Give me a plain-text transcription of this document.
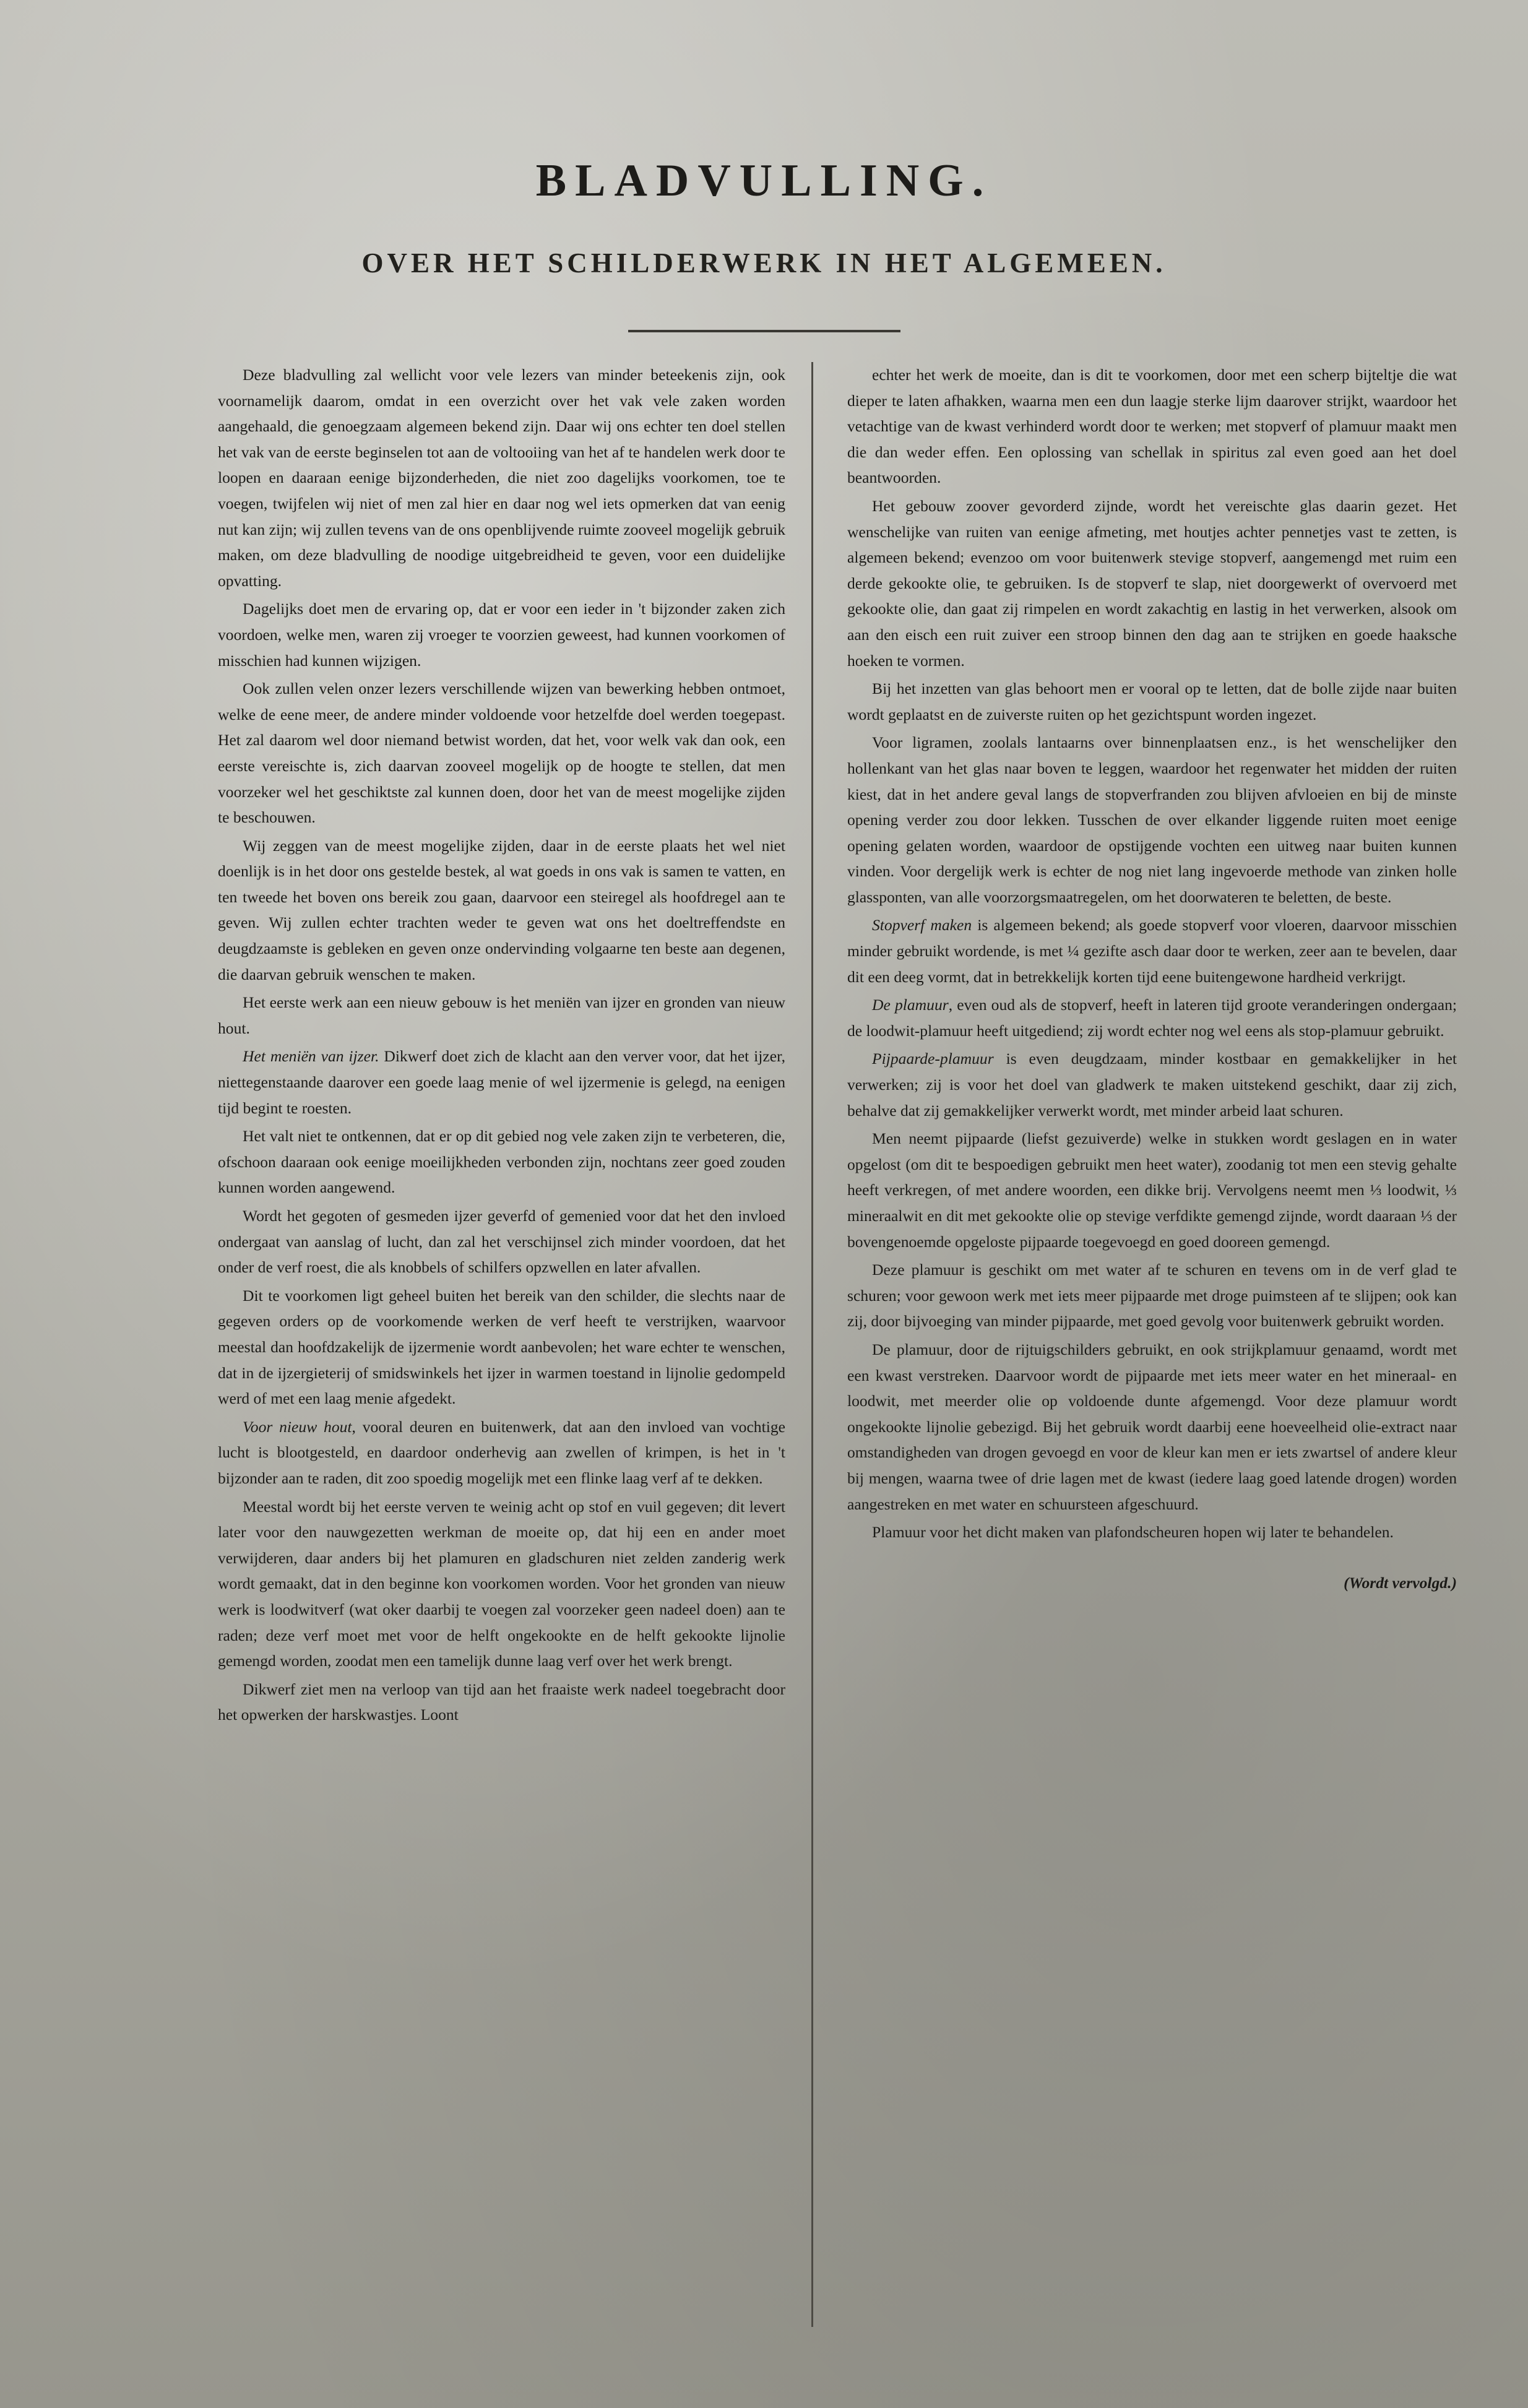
BLADVULLING.
OVER HET SCHILDERWERK IN HET ALGEMEEN.

Deze bladvulling zal wellicht voor vele lezers van minder beteekenis zijn, ook voornamelijk daarom, omdat in een overzicht over het vak vele zaken worden aangehaald, die genoegzaam algemeen bekend zijn. Daar wij ons echter ten doel stellen het vak van de eerste beginselen tot aan de voltooiing van het af te handelen werk door te loopen en daaraan eenige bijzonderheden, die niet zoo dagelijks voorkomen, toe te voegen, twijfelen wij niet of men zal hier en daar nog wel iets opmerken dat van eenig nut kan zijn; wij zullen tevens van de ons openblijvende ruimte zooveel mogelijk gebruik maken, om deze bladvulling de noodige uitgebreidheid te geven, voor een duidelijke opvatting.

Dagelijks doet men de ervaring op, dat er voor een ieder in 't bijzonder zaken zich voordoen, welke men, waren zij vroeger te voorzien geweest, had kunnen voorkomen of misschien had kunnen wijzigen.

Ook zullen velen onzer lezers verschillende wijzen van bewerking hebben ontmoet, welke de eene meer, de andere minder voldoende voor hetzelfde doel werden toegepast. Het zal daarom wel door niemand betwist worden, dat het, voor welk vak dan ook, een eerste vereischte is, zich daarvan zooveel mogelijk op de hoogte te stellen, dat men voorzeker wel het geschiktste zal kunnen doen, door het van de meest mogelijke zijden te beschouwen.

Wij zeggen van de meest mogelijke zijden, daar in de eerste plaats het wel niet doenlijk is in het door ons gestelde bestek, al wat goeds in ons vak is samen te vatten, en ten tweede het boven ons bereik zou gaan, daarvoor een steiregel als hoofdregel aan te geven. Wij zullen echter trachten weder te geven wat ons het doeltreffendste en deugdzaamste is gebleken en geven onze ondervinding volgaarne ten beste aan degenen, die daarvan gebruik wenschen te maken.

Het eerste werk aan een nieuw gebouw is het meniën van ijzer en gronden van nieuw hout.

Het meniën van ijzer. Dikwerf doet zich de klacht aan den verver voor, dat het ijzer, niettegenstaande daarover een goede laag menie of wel ijzermenie is gelegd, na eenigen tijd begint te roesten.

Het valt niet te ontkennen, dat er op dit gebied nog vele zaken zijn te verbeteren, die, ofschoon daaraan ook eenige moeilijkheden verbonden zijn, nochtans zeer goed zouden kunnen worden aangewend.

Wordt het gegoten of gesmeden ijzer geverfd of gemenied voor dat het den invloed ondergaat van aanslag of lucht, dan zal het verschijnsel zich minder voordoen, dat het onder de verf roest, die als knobbels of schilfers opzwellen en later afvallen.

Dit te voorkomen ligt geheel buiten het bereik van den schilder, die slechts naar de gegeven orders op de voorkomende werken de verf heeft te verstrijken, waarvoor meestal dan hoofdzakelijk de ijzermenie wordt aanbevolen; het ware echter te wenschen, dat in de ijzergieterij of smidswinkels het ijzer in warmen toestand in lijnolie gedompeld werd of met een laag menie afgedekt.

Voor nieuw hout, vooral deuren en buitenwerk, dat aan den invloed van vochtige lucht is blootgesteld, en daardoor onderhevig aan zwellen of krimpen, is het in 't bijzonder aan te raden, dit zoo spoedig mogelijk met een flinke laag verf af te dekken.

Meestal wordt bij het eerste verven te weinig acht op stof en vuil gegeven; dit levert later voor den nauwgezetten werkman de moeite op, dat hij een en ander moet verwijderen, daar anders bij het plamuren en gladschuren niet zelden zanderig werk wordt gemaakt, dat in den beginne kon voorkomen worden. Voor het gronden van nieuw werk is loodwitverf (wat oker daarbij te voegen zal voorzeker geen nadeel doen) aan te raden; deze verf moet met voor de helft ongekookte en de helft gekookte lijnolie gemengd worden, zoodat men een tamelijk dunne laag verf over het werk brengt.

Dikwerf ziet men na verloop van tijd aan het fraaiste werk nadeel toegebracht door het opwerken der harskwastjes. Loont

echter het werk de moeite, dan is dit te voorkomen, door met een scherp bijteltje die wat dieper te laten afhakken, waarna men een dun laagje sterke lijm daarover strijkt, waardoor het vetachtige van de kwast verhinderd wordt door te werken; met stopverf of plamuur maakt men die dan weder effen. Een oplossing van schellak in spiritus zal even goed aan het doel beantwoorden.

Het gebouw zoover gevorderd zijnde, wordt het vereischte glas daarin gezet. Het wenschelijke van ruiten van eenige afmeting, met houtjes achter pennetjes vast te zetten, is algemeen bekend; evenzoo om voor buitenwerk stevige stopverf, aangemengd met ruim een derde gekookte olie, te gebruiken. Is de stopverf te slap, niet doorgewerkt of overvoerd met gekookte olie, dan gaat zij rimpelen en wordt zakachtig en lastig in het verwerken, alsook om aan den eisch een ruit zuiver een stroop binnen den dag aan te strijken en goede haaksche hoeken te vormen.

Bij het inzetten van glas behoort men er vooral op te letten, dat de bolle zijde naar buiten wordt geplaatst en de zuiverste ruiten op het gezichtspunt worden ingezet.

Voor ligramen, zoolals lantaarns over binnenplaatsen enz., is het wenschelijker den hollenkant van het glas naar boven te leggen, waardoor het regenwater het midden der ruiten kiest, dat in het andere geval langs de stopverfranden zou blijven afvloeien en bij de minste opening verder zou door lekken. Tusschen de over elkander liggende ruiten moet eenige opening gelaten worden, waardoor de opstijgende vochten een uitweg naar buiten kunnen vinden. Voor dergelijk werk is echter de nog niet lang ingevoerde methode van zinken holle glassponten, van alle voorzorgsmaatregelen, om het doorwateren te beletten, de beste.

Stopverf maken is algemeen bekend; als goede stopverf voor vloeren, daarvoor misschien minder gebruikt wordende, is met ¼ gezifte asch daar door te werken, zeer aan te bevelen, daar dit een deeg vormt, dat in betrekkelijk korten tijd eene buitengewone hardheid verkrijgt.

De plamuur, even oud als de stopverf, heeft in lateren tijd groote veranderingen ondergaan; de loodwit-plamuur heeft uitgediend; zij wordt echter nog wel eens als stop-plamuur gebruikt.

Pijpaarde-plamuur is even deugdzaam, minder kostbaar en gemakkelijker in het verwerken; zij is voor het doel van gladwerk te maken uitstekend geschikt, daar zij zich, behalve dat zij gemakkelijker verwerkt wordt, met minder arbeid laat schuren.

Men neemt pijpaarde (liefst gezuiverde) welke in stukken wordt geslagen en in water opgelost (om dit te bespoedigen gebruikt men heet water), zoodanig tot men een stevig gehalte heeft verkregen, of met andere woorden, een dikke brij. Vervolgens neemt men ⅓ loodwit, ⅓ mineraalwit en dit met gekookte olie op stevige verfdikte gemengd zijnde, wordt daaraan ⅓ der bovengenoemde opgeloste pijpaarde toegevoegd en goed dooreen gemengd.

Deze plamuur is geschikt om met water af te schuren en tevens om in de verf glad te schuren; voor gewoon werk met iets meer pijpaarde met droge puimsteen af te slijpen; ook kan zij, door bijvoeging van minder pijpaarde, met goed gevolg voor buitenwerk gebruikt worden.

De plamuur, door de rijtuigschilders gebruikt, en ook strijkplamuur genaamd, wordt met een kwast verstreken. Daarvoor wordt de pijpaarde met iets meer water en het mineraal- en loodwit, met meerder olie op voldoende dunte afgemengd. Voor deze plamuur wordt ongekookte lijnolie gebezigd. Bij het gebruik wordt daarbij eene hoeveelheid olie-extract naar omstandigheden van drogen gevoegd en voor de kleur kan men er iets zwartsel of andere kleur bij mengen, waarna twee of drie lagen met de kwast (iedere laag goed latende drogen) worden aangestreken en met water en schuursteen afgeschuurd.

Plamuur voor het dicht maken van plafondscheuren hopen wij later te behandelen.

(Wordt vervolgd.)
